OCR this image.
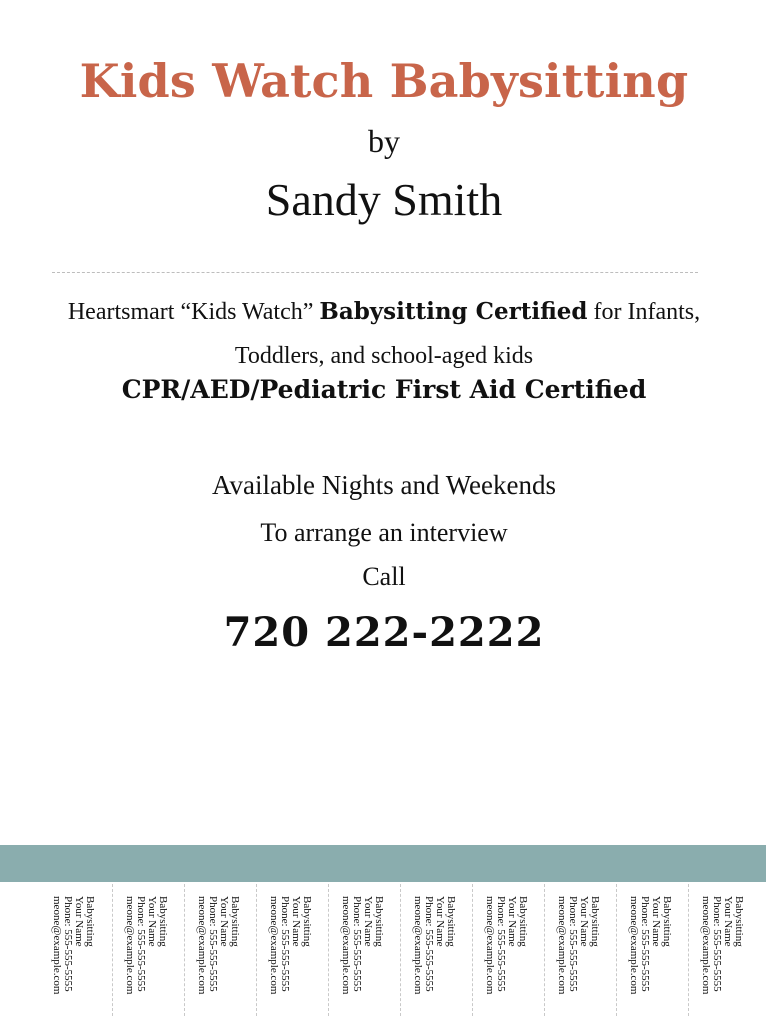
Kids Watch Babysitting
by
Sandy Smith
Heartsmart “Kids Watch” Babysitting Certified for Infants,
Toddlers, and school-aged kids
CPR/AED/Pediatric First Aid Certified
Available Nights and Weekends
To arrange an interview
Call
720 222-2222
Babysitting
Your Name
Phone: 555-555-5555
meone@example.com	Babysitting
Your Name
Phone: 555-555-5555
meone@example.com	Babysitting
Your Name
Phone: 555-555-5555
meone@example.com	Babysitting
Your Name
Phone: 555-555-5555
meone@example.com	Babysitting
Your Name
Phone: 555-555-5555
meone@example.com	Babysitting
Your Name
Phone: 555-555-5555
meone@example.com	Babysitting
Your Name
Phone: 555-555-5555
meone@example.com	Babysitting
Your Name
Phone: 555-555-5555
meone@example.com	Babysitting
Your Name
Phone: 555-555-5555
meone@example.com	Babysitting
Your Name
Phone: 555-555-5555
meone@example.com
